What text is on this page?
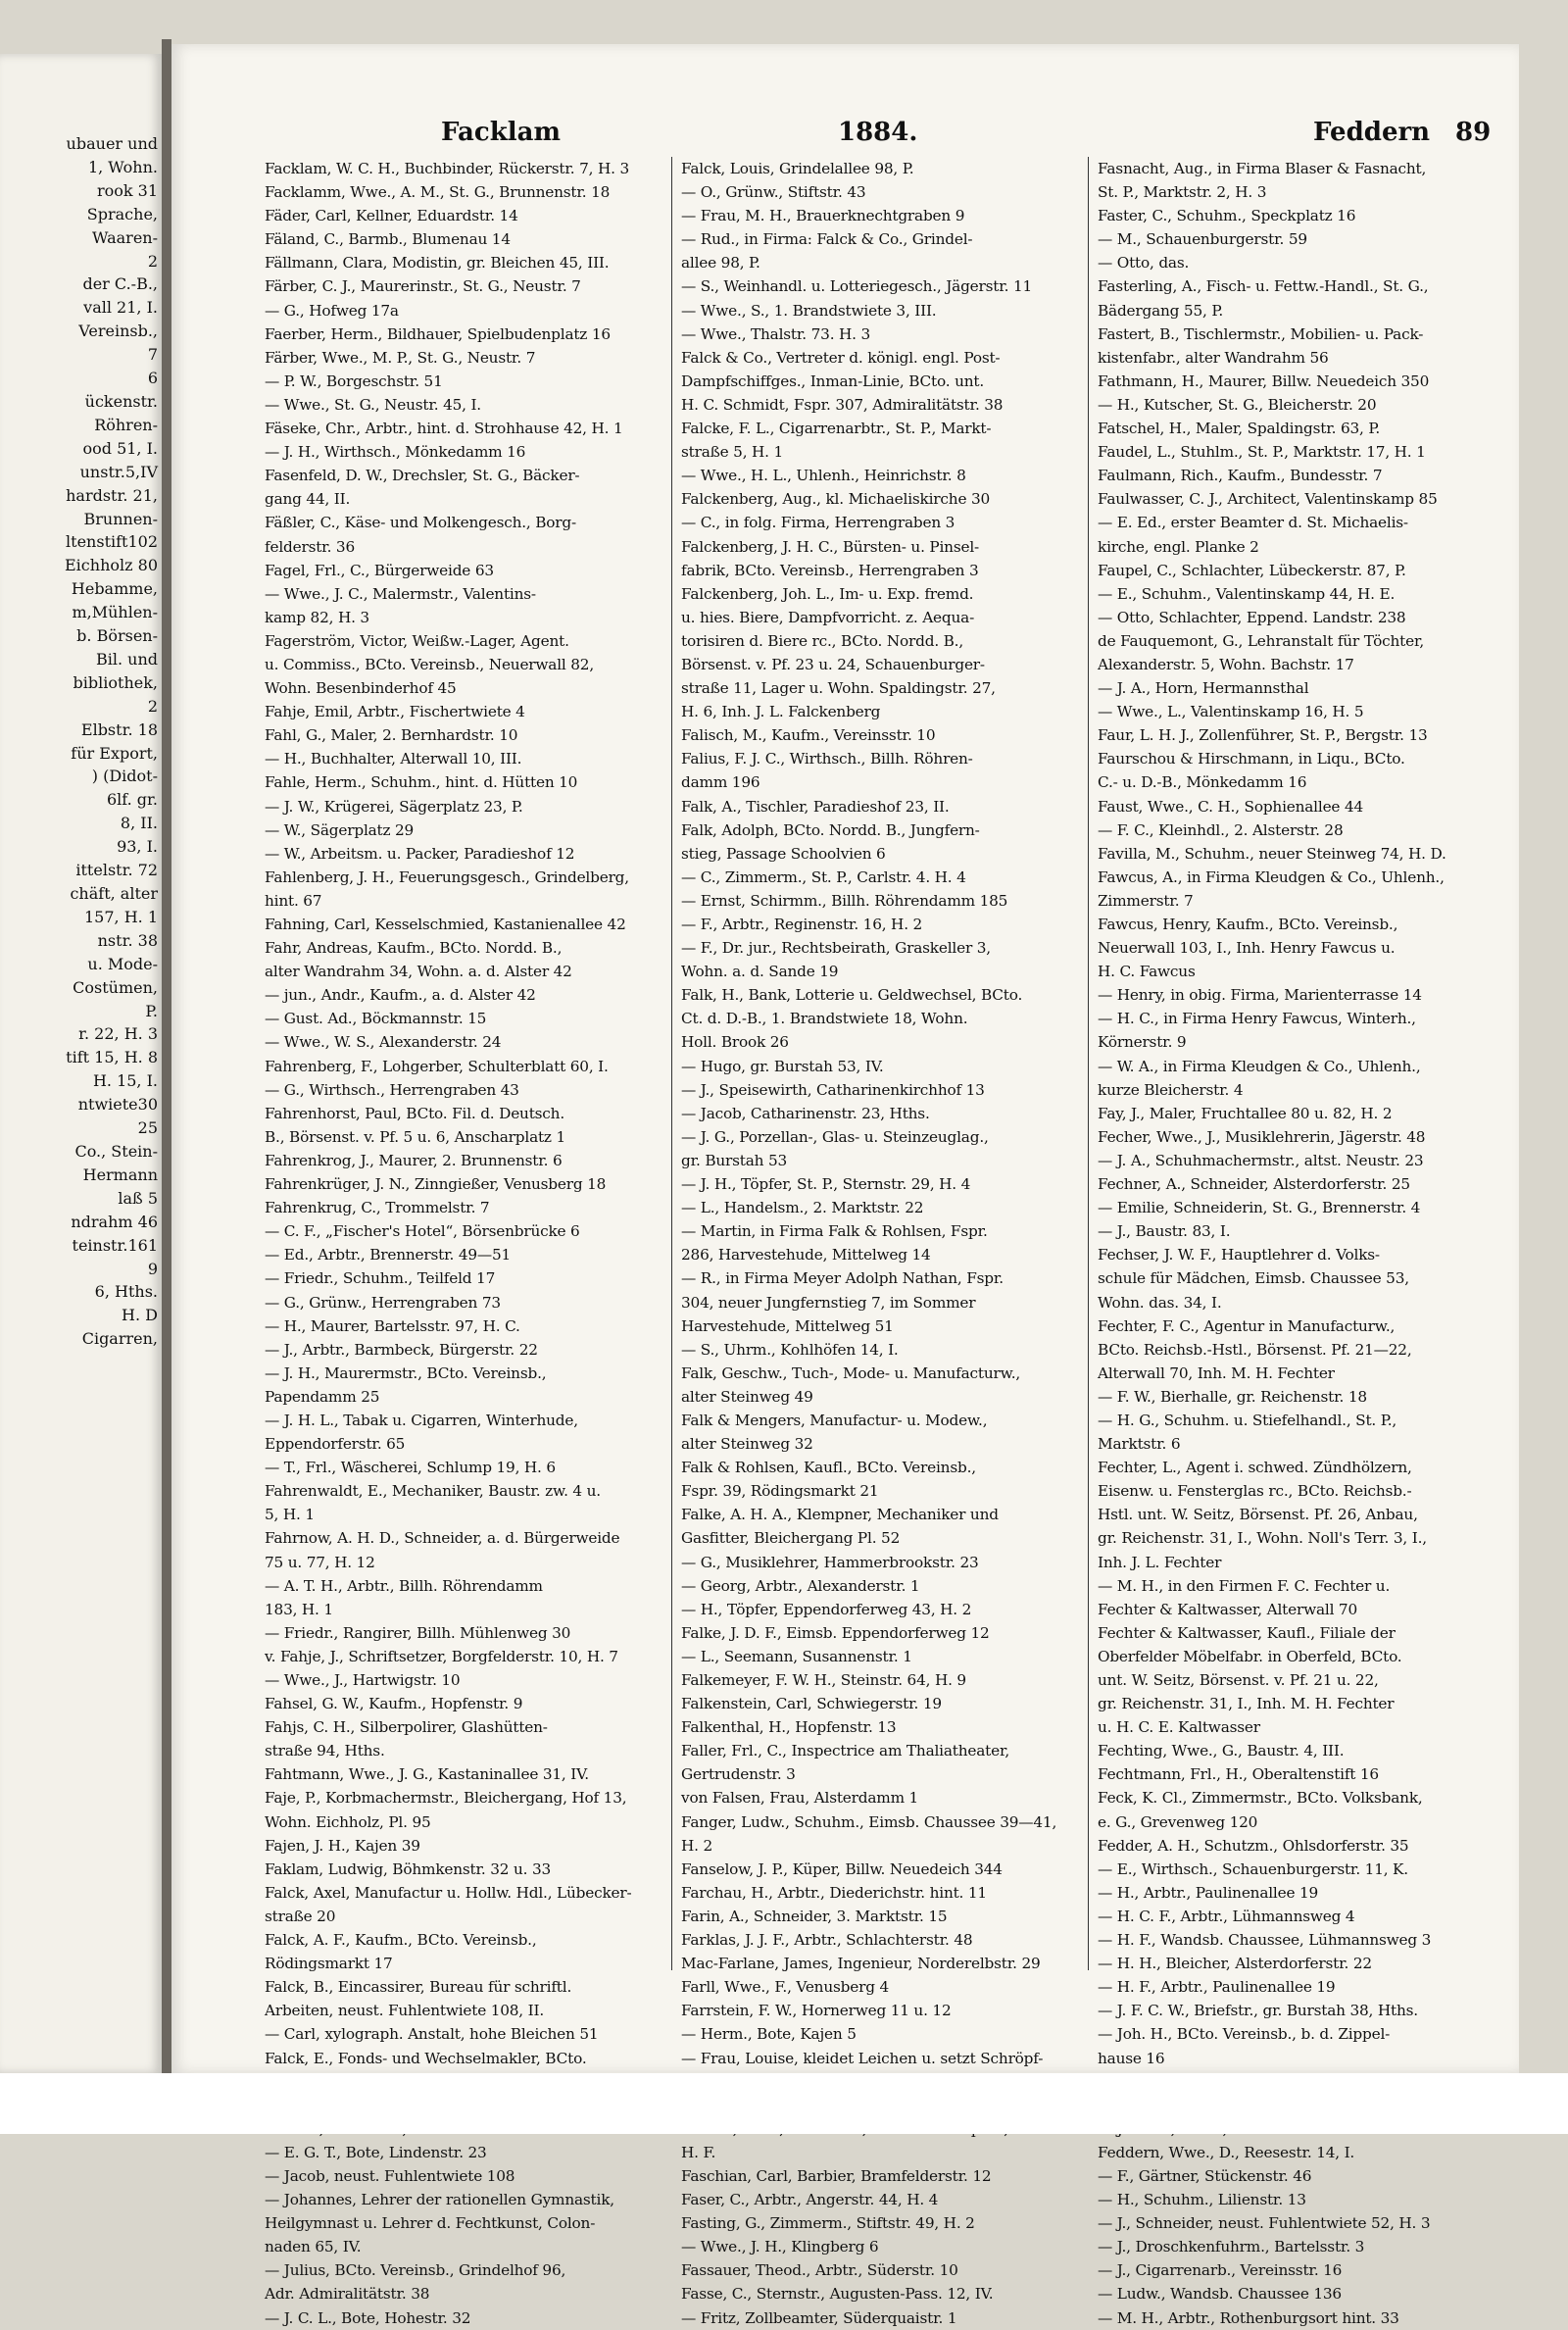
ubauer und
1, Wohn.
rook 31
Sprache,
Waaren-
2
der C.-B.,
vall 21, I.
Vereinsb.,
7
6
ückenstr.
Röhren-
ood 51, I.
unstr.5,IV
hardstr. 21,
Brunnen-
ltenstift102
Eichholz 80
Hebamme,
m,Mühlen-
b. Börsen-
Bil. und
bibliothek,
2
Elbstr. 18
für Export,
) (Didot-
6lf. gr.
8, II.
93, I.
ittelstr. 72
chäft, alter
157, H. 1
nstr. 38
u. Mode-
Costümen,
P.
r. 22, H. 3
tift 15, H. 8
H. 15, I.
ntwiete30
25
Co., Stein-
Hermann
laß 5
ndrahm 46
teinstr.161
9
6, Hths.
H. D
Cigarren,
Facklam	1884.	Feddern 89
Facklam, W. C. H., Buchbinder, Rückerstr. 7, H. 3
Facklamm, Wwe., A. M., St. G., Brunnenstr. 18
Fäder, Carl, Kellner, Eduardstr. 14
Fäland, C., Barmb., Blumenau 14
Fällmann, Clara, Modistin, gr. Bleichen 45, III.
Färber, C. J., Maurerinstr., St. G., Neustr. 7
— G., Hofweg 17a
Faerber, Herm., Bildhauer, Spielbudenplatz 16
Färber, Wwe., M. P., St. G., Neustr. 7
— P. W., Borgeschstr. 51
— Wwe., St. G., Neustr. 45, I.
Fäseke, Chr., Arbtr., hint. d. Strohhause 42, H. 1
— J. H., Wirthsch., Mönkedamm 16
Fasenfeld, D. W., Drechsler, St. G., Bäcker-
gang 44, II.
Fäßler, C., Käse- und Molkengesch., Borg-
felderstr. 36
Fagel, Frl., C., Bürgerweide 63
— Wwe., J. C., Malermstr., Valentins-
kamp 82, H. 3
Fagerström, Victor, Weißw.-Lager, Agent.
u. Commiss., BCto. Vereinsb., Neuerwall 82,
Wohn. Besenbinderhof 45
Fahje, Emil, Arbtr., Fischertwiete 4
Fahl, G., Maler, 2. Bernhardstr. 10
— H., Buchhalter, Alterwall 10, III.
Fahle, Herm., Schuhm., hint. d. Hütten 10
— J. W., Krügerei, Sägerplatz 23, P.
— W., Sägerplatz 29
— W., Arbeitsm. u. Packer, Paradieshof 12
Fahlenberg, J. H., Feuerungsgesch., Grindelberg,
hint. 67
Fahning, Carl, Kesselschmied, Kastanienallee 42
Fahr, Andreas, Kaufm., BCto. Nordd. B.,
alter Wandrahm 34, Wohn. a. d. Alster 42
— jun., Andr., Kaufm., a. d. Alster 42
— Gust. Ad., Böckmannstr. 15
— Wwe., W. S., Alexanderstr. 24
Fahrenberg, F., Lohgerber, Schulterblatt 60, I.
— G., Wirthsch., Herrengraben 43
Fahrenhorst, Paul, BCto. Fil. d. Deutsch.
B., Börsenst. v. Pf. 5 u. 6, Anscharplatz 1
Fahrenkrog, J., Maurer, 2. Brunnenstr. 6
Fahrenkrüger, J. N., Zinngießer, Venusberg 18
Fahrenkrug, C., Trommelstr. 7
— C. F., „Fischer's Hotel“, Börsenbrücke 6
— Ed., Arbtr., Brennerstr. 49—51
— Friedr., Schuhm., Teilfeld 17
— G., Grünw., Herrengraben 73
— H., Maurer, Bartelsstr. 97, H. C.
— J., Arbtr., Barmbeck, Bürgerstr. 22
— J. H., Maurermstr., BCto. Vereinsb.,
Papendamm 25
— J. H. L., Tabak u. Cigarren, Winterhude,
Eppendorferstr. 65
— T., Frl., Wäscherei, Schlump 19, H. 6
Fahrenwaldt, E., Mechaniker, Baustr. zw. 4 u.
5, H. 1
Fahrnow, A. H. D., Schneider, a. d. Bürgerweide
75 u. 77, H. 12
— A. T. H., Arbtr., Billh. Röhrendamm
183, H. 1
— Friedr., Rangirer, Billh. Mühlenweg 30
v. Fahje, J., Schriftsetzer, Borgfelderstr. 10, H. 7
— Wwe., J., Hartwigstr. 10
Fahsel, G. W., Kaufm., Hopfenstr. 9
Fahjs, C. H., Silberpolirer, Glashütten-
straße 94, Hths.
Fahtmann, Wwe., J. G., Kastaninallee 31, IV.
Faje, P., Korbmachermstr., Bleichergang, Hof 13,
Wohn. Eichholz, Pl. 95
Fajen, J. H., Kajen 39
Faklam, Ludwig, Böhmkenstr. 32 u. 33
Falck, Axel, Manufactur u. Hollw. Hdl., Lübecker-
straße 20
Falck, A. F., Kaufm., BCto. Vereinsb.,
Rödingsmarkt 17
Falck, B., Eincassirer, Bureau für schriftl.
Arbeiten, neust. Fuhlentwiete 108, II.
— Carl, xylograph. Anstalt, hohe Bleichen 51
Falck, E., Fonds- und Wechselmakler, BCto.
— E. G. T., Bote, Lindenstr. 23
— Jacob, neust. Fuhlentwiete 108
— Johannes, Lehrer der rationellen Gymnastik,
Heilgymnast u. Lehrer d. Fechtkunst, Colon-
naden 65, IV.
— Julius, BCto. Vereinsb., Grindelhof 96,
Adr. Admiralitätstr. 38
— J. C. L., Bote, Hohestr. 32
Falck, Louis, Grindelallee 98, P.
— O., Grünw., Stiftstr. 43
— Frau, M. H., Brauerknechtgraben 9
— Rud., in Firma: Falck & Co., Grindel-
allee 98, P.
— S., Weinhandl. u. Lotteriegesch., Jägerstr. 11
— Wwe., S., 1. Brandstwiete 3, III.
— Wwe., Thalstr. 73. H. 3
Falck & Co., Vertreter d. königl. engl. Post-
Dampfschiffges., Inman-Linie, BCto. unt.
H. C. Schmidt, Fspr. 307, Admiralitätstr. 38
Falcke, F. L., Cigarrenarbtr., St. P., Markt-
straße 5, H. 1
— Wwe., H. L., Uhlenh., Heinrichstr. 8
Falckenberg, Aug., kl. Michaeliskirche 30
— C., in folg. Firma, Herrengraben 3
Falckenberg, J. H. C., Bürsten- u. Pinsel-
fabrik, BCto. Vereinsb., Herrengraben 3
Falckenberg, Joh. L., Im- u. Exp. fremd.
u. hies. Biere, Dampfvorricht. z. Aequa-
torisiren d. Biere rc., BCto. Nordd. B.,
Börsenst. v. Pf. 23 u. 24, Schauenburger-
straße 11, Lager u. Wohn. Spaldingstr. 27,
H. 6, Inh. J. L. Falckenberg
Falisch, M., Kaufm., Vereinsstr. 10
Falius, F. J. C., Wirthsch., Billh. Röhren-
damm 196
Falk, A., Tischler, Paradieshof 23, II.
Falk, Adolph, BCto. Nordd. B., Jungfern-
stieg, Passage Schoolvien 6
— C., Zimmerm., St. P., Carlstr. 4. H. 4
— Ernst, Schirmm., Billh. Röhrendamm 185
— F., Arbtr., Reginenstr. 16, H. 2
— F., Dr. jur., Rechtsbeirath, Graskeller 3,
Wohn. a. d. Sande 19
Falk, H., Bank, Lotterie u. Geldwechsel, BCto.
Ct. d. D.-B., 1. Brandstwiete 18, Wohn.
Holl. Brook 26
— Hugo, gr. Burstah 53, IV.
— J., Speisewirth, Catharinenkirchhof 13
— Jacob, Catharinenstr. 23, Hths.
— J. G., Porzellan-, Glas- u. Steinzeuglag.,
gr. Burstah 53
— J. H., Töpfer, St. P., Sternstr. 29, H. 4
— L., Handelsm., 2. Marktstr. 22
— Martin, in Firma Falk & Rohlsen, Fspr.
286, Harvestehude, Mittelweg 14
— R., in Firma Meyer Adolph Nathan, Fspr.
304, neuer Jungfernstieg 7, im Sommer
Harvestehude, Mittelweg 51
— S., Uhrm., Kohlhöfen 14, I.
Falk, Geschw., Tuch-, Mode- u. Manufacturw.,
alter Steinweg 49
Falk & Mengers, Manufactur- u. Modew.,
alter Steinweg 32
Falk & Rohlsen, Kaufl., BCto. Vereinsb.,
Fspr. 39, Rödingsmarkt 21
Falke, A. H. A., Klempner, Mechaniker und
Gasfitter, Bleichergang Pl. 52
— G., Musiklehrer, Hammerbrookstr. 23
— Georg, Arbtr., Alexanderstr. 1
— H., Töpfer, Eppendorferweg 43, H. 2
Falke, J. D. F., Eimsb. Eppendorferweg 12
— L., Seemann, Susannenstr. 1
Falkemeyer, F. W. H., Steinstr. 64, H. 9
Falkenstein, Carl, Schwiegerstr. 19
Falkenthal, H., Hopfenstr. 13
Faller, Frl., C., Inspectrice am Thaliatheater,
Gertrudenstr. 3
von Falsen, Frau, Alsterdamm 1
Fanger, Ludw., Schuhm., Eimsb. Chaussee 39—41,
H. 2
Fanselow, J. P., Küper, Billw. Neuedeich 344
Farchau, H., Arbtr., Diederichstr. hint. 11
Farin, A., Schneider, 3. Marktstr. 15
Farklas, J. J. F., Arbtr., Schlachterstr. 48
Mac-Farlane, James, Ingenieur, Norderelbstr. 29
Farll, Wwe., F., Venusberg 4
Farrstein, F. W., Hornerweg 11 u. 12
— Herm., Bote, Kajen 5
— Frau, Louise, kleidet Leichen u. setzt Schröpf-
H. F.
Faschian, Carl, Barbier, Bramfelderstr. 12
Faser, C., Arbtr., Angerstr. 44, H. 4
Fasting, G., Zimmerm., Stiftstr. 49, H. 2
— Wwe., J. H., Klingberg 6
Fassauer, Theod., Arbtr., Süderstr. 10
Fasse, C., Sternstr., Augusten-Pass. 12, IV.
— Fritz, Zollbeamter, Süderquaistr. 1
Fasnacht, Aug., in Firma Blaser & Fasnacht,
St. P., Marktstr. 2, H. 3
Faster, C., Schuhm., Speckplatz 16
— M., Schauenburgerstr. 59
— Otto, das.
Fasterling, A., Fisch- u. Fettw.-Handl., St. G.,
Bädergang 55, P.
Fastert, B., Tischlermstr., Mobilien- u. Pack-
kistenfabr., alter Wandrahm 56
Fathmann, H., Maurer, Billw. Neuedeich 350
— H., Kutscher, St. G., Bleicherstr. 20
Fatschel, H., Maler, Spaldingstr. 63, P.
Faudel, L., Stuhlm., St. P., Marktstr. 17, H. 1
Faulmann, Rich., Kaufm., Bundesstr. 7
Faulwasser, C. J., Architect, Valentinskamp 85
— E. Ed., erster Beamter d. St. Michaelis-
kirche, engl. Planke 2
Faupel, C., Schlachter, Lübeckerstr. 87, P.
— E., Schuhm., Valentinskamp 44, H. E.
— Otto, Schlachter, Eppend. Landstr. 238
de Fauquemont, G., Lehranstalt für Töchter,
Alexanderstr. 5, Wohn. Bachstr. 17
— J. A., Horn, Hermannsthal
— Wwe., L., Valentinskamp 16, H. 5
Faur, L. H. J., Zollenführer, St. P., Bergstr. 13
Faurschou & Hirschmann, in Liqu., BCto.
C.- u. D.-B., Mönkedamm 16
Faust, Wwe., C. H., Sophienallee 44
— F. C., Kleinhdl., 2. Alsterstr. 28
Favilla, M., Schuhm., neuer Steinweg 74, H. D.
Fawcus, A., in Firma Kleudgen & Co., Uhlenh.,
Zimmerstr. 7
Fawcus, Henry, Kaufm., BCto. Vereinsb.,
Neuerwall 103, I., Inh. Henry Fawcus u.
H. C. Fawcus
— Henry, in obig. Firma, Marienterrasse 14
— H. C., in Firma Henry Fawcus, Winterh.,
Körnerstr. 9
— W. A., in Firma Kleudgen & Co., Uhlenh.,
kurze Bleicherstr. 4
Fay, J., Maler, Fruchtallee 80 u. 82, H. 2
Fecher, Wwe., J., Musiklehrerin, Jägerstr. 48
— J. A., Schuhmachermstr., altst. Neustr. 23
Fechner, A., Schneider, Alsterdorferstr. 25
— Emilie, Schneiderin, St. G., Brennerstr. 4
— J., Baustr. 83, I.
Fechser, J. W. F., Hauptlehrer d. Volks-
schule für Mädchen, Eimsb. Chaussee 53,
Wohn. das. 34, I.
Fechter, F. C., Agentur in Manufacturw.,
BCto. Reichsb.-Hstl., Börsenst. Pf. 21—22,
Alterwall 70, Inh. M. H. Fechter
— F. W., Bierhalle, gr. Reichenstr. 18
— H. G., Schuhm. u. Stiefelhandl., St. P.,
Marktstr. 6
Fechter, L., Agent i. schwed. Zündhölzern,
Eisenw. u. Fensterglas rc., BCto. Reichsb.-
Hstl. unt. W. Seitz, Börsenst. Pf. 26, Anbau,
gr. Reichenstr. 31, I., Wohn. Noll's Terr. 3, I.,
Inh. J. L. Fechter
— M. H., in den Firmen F. C. Fechter u.
Fechter & Kaltwasser, Alterwall 70
Fechter & Kaltwasser, Kaufl., Filiale der
Oberfelder Möbelfabr. in Oberfeld, BCto.
unt. W. Seitz, Börsenst. v. Pf. 21 u. 22,
gr. Reichenstr. 31, I., Inh. M. H. Fechter
u. H. C. E. Kaltwasser
Fechting, Wwe., G., Baustr. 4, III.
Fechtmann, Frl., H., Oberaltenstift 16
Feck, K. Cl., Zimmermstr., BCto. Volksbank,
e. G., Grevenweg 120
Fedder, A. H., Schutzm., Ohlsdorferstr. 35
— E., Wirthsch., Schauenburgerstr. 11, K.
— H., Arbtr., Paulinenallee 19
— H. C. F., Arbtr., Lühmannsweg 4
— H. F., Wandsb. Chaussee, Lühmannsweg 3
— H. H., Bleicher, Alsterdorferstr. 22
— H. F., Arbtr., Paulinenallee 19
— J. F. C. W., Briefstr., gr. Burstah 38, Hths.
— Joh. H., BCto. Vereinsb., b. d. Zippel-
hause 16
Feddern, Wwe., D., Reesestr. 14, I.
— F., Gärtner, Stückenstr. 46
— H., Schuhm., Lilienstr. 13
— J., Schneider, neust. Fuhlentwiete 52, H. 3
— J., Droschkenfuhrm., Bartelsstr. 3
— J., Cigarrenarb., Vereinsstr. 16
— Ludw., Wandsb. Chaussee 136
— M. H., Arbtr., Rothenburgsort hint. 33
